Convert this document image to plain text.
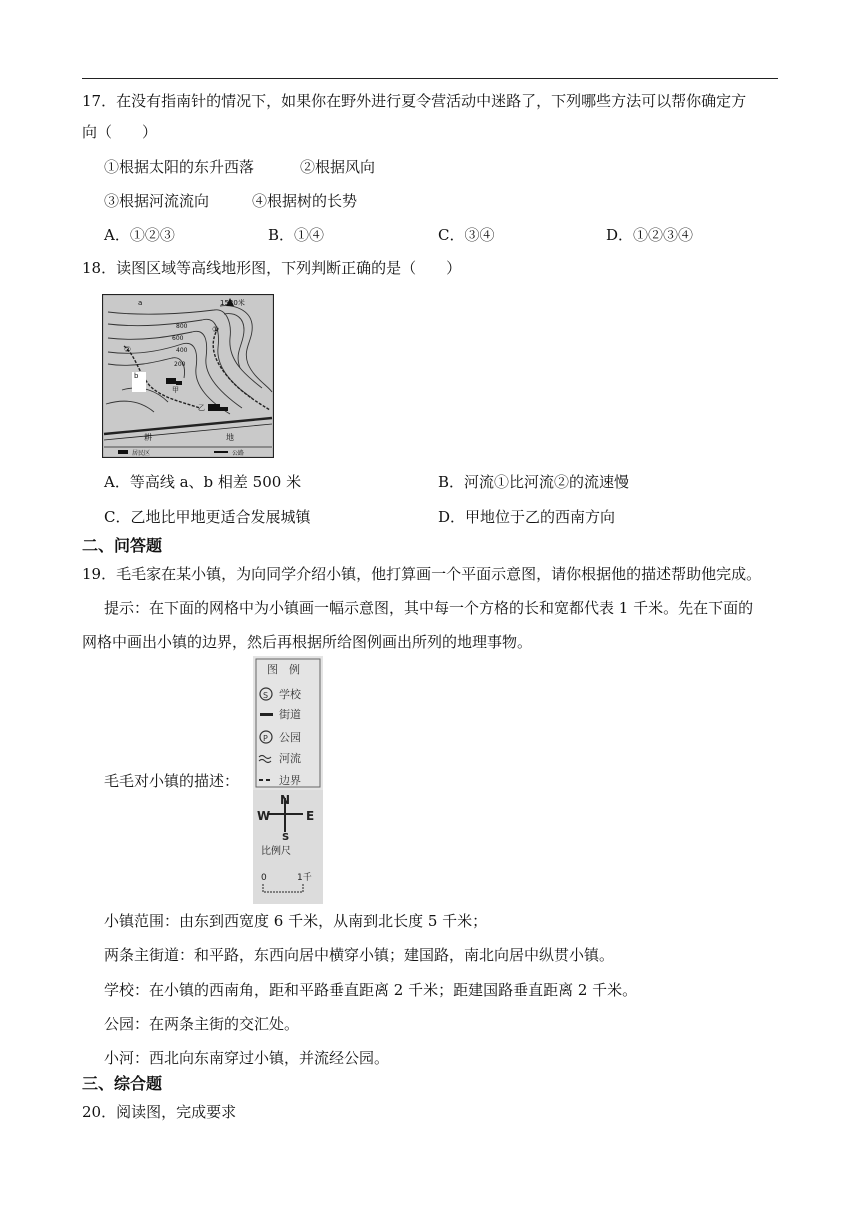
17．在没有指南针的情况下，如果你在野外进行夏令营活动中迷路了，下列哪些方法可以帮你确定方
向（　　）
①根据太阳的东升西落	②根据风向
③根据河流流向	④根据树的长势
A．①②③	B．①④	C．③④	D．①②③④
18．读图区域等高线地形图，下列判断正确的是（　　）
1530米
a
b
800
600
400
200
①
②
甲
乙
耕	地
居民区	公路
A．等高线 a、b 相差 500 米	B．河流①比河流②的流速慢
C．乙地比甲地更适合发展城镇	D．甲地位于乙的西南方向
二、问答题
19．毛毛家在某小镇，为向同学介绍小镇，他打算画一个平面示意图，请你根据他的描述帮助他完成。
提示：在下面的网格中为小镇画一幅示意图，其中每一个方格的长和宽都代表 1 千米。先在下面的
网格中画出小镇的边界，然后再根据所给图例画出所列的地理事物。
毛毛对小镇的描述：
图　例
S 学校
街道
P 公园
河流
边界
N
W	E
S
比例尺
0	1千
小镇范围：由东到西宽度 6 千米，从南到北长度 5 千米；
两条主街道：和平路，东西向居中横穿小镇；建国路，南北向居中纵贯小镇。
学校：在小镇的西南角，距和平路垂直距离 2 千米；距建国路垂直距离 2 千米。
公园：在两条主街的交汇处。
小河：西北向东南穿过小镇，并流经公园。
三、综合题
20．阅读图，完成要求
